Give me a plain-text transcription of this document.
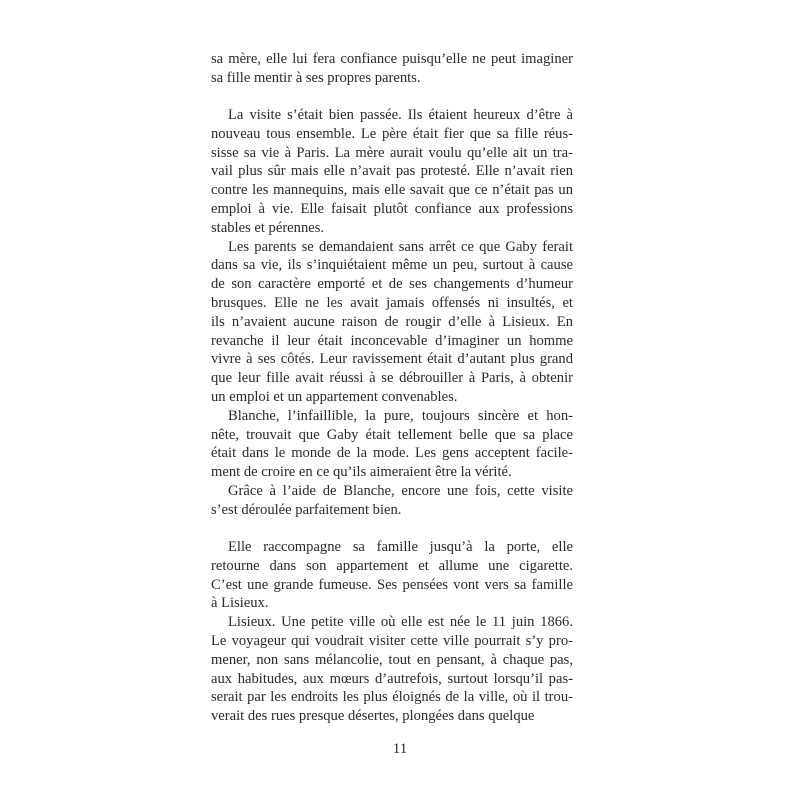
sa mère, elle lui fera confiance puisqu’elle ne peut imaginer
sa fille mentir à ses propres parents.
La visite s’était bien passée. Ils étaient heureux d’être à
nouveau tous ensemble. Le père était fier que sa fille réus-
sisse sa vie à Paris. La mère aurait voulu qu’elle ait un tra-
vail plus sûr mais elle n’avait pas protesté. Elle n’avait rien
contre les mannequins, mais elle savait que ce n’était pas un
emploi à vie. Elle faisait plutôt confiance aux professions
stables et pérennes.
Les parents se demandaient sans arrêt ce que Gaby ferait
dans sa vie, ils s’inquiétaient même un peu, surtout à cause
de son caractère emporté et de ses changements d’humeur
brusques. Elle ne les avait jamais offensés ni insultés, et
ils n’avaient aucune raison de rougir d’elle à Lisieux. En
revanche il leur était inconcevable d’imaginer un homme
vivre à ses côtés. Leur ravissement était d’autant plus grand
que leur fille avait réussi à se débrouiller à Paris, à obtenir
un emploi et un appartement convenables.
Blanche, l’infaillible, la pure, toujours sincère et hon-
nête, trouvait que Gaby était tellement belle que sa place
était dans le monde de la mode. Les gens acceptent facile-
ment de croire en ce qu’ils aimeraient être la vérité.
Grâce à l’aide de Blanche, encore une fois, cette visite
s’est déroulée parfaitement bien.
Elle raccompagne sa famille jusqu’à la porte, elle
retourne dans son appartement et allume une cigarette.
C’est une grande fumeuse. Ses pensées vont vers sa famille
à Lisieux.
Lisieux. Une petite ville où elle est née le 11 juin 1866.
Le voyageur qui voudrait visiter cette ville pourrait s’y pro-
mener, non sans mélancolie, tout en pensant, à chaque pas,
aux habitudes, aux mœurs d’autrefois, surtout lorsqu’il pas-
serait par les endroits les plus éloignés de la ville, où il trou-
verait des rues presque désertes, plongées dans quelque
11
